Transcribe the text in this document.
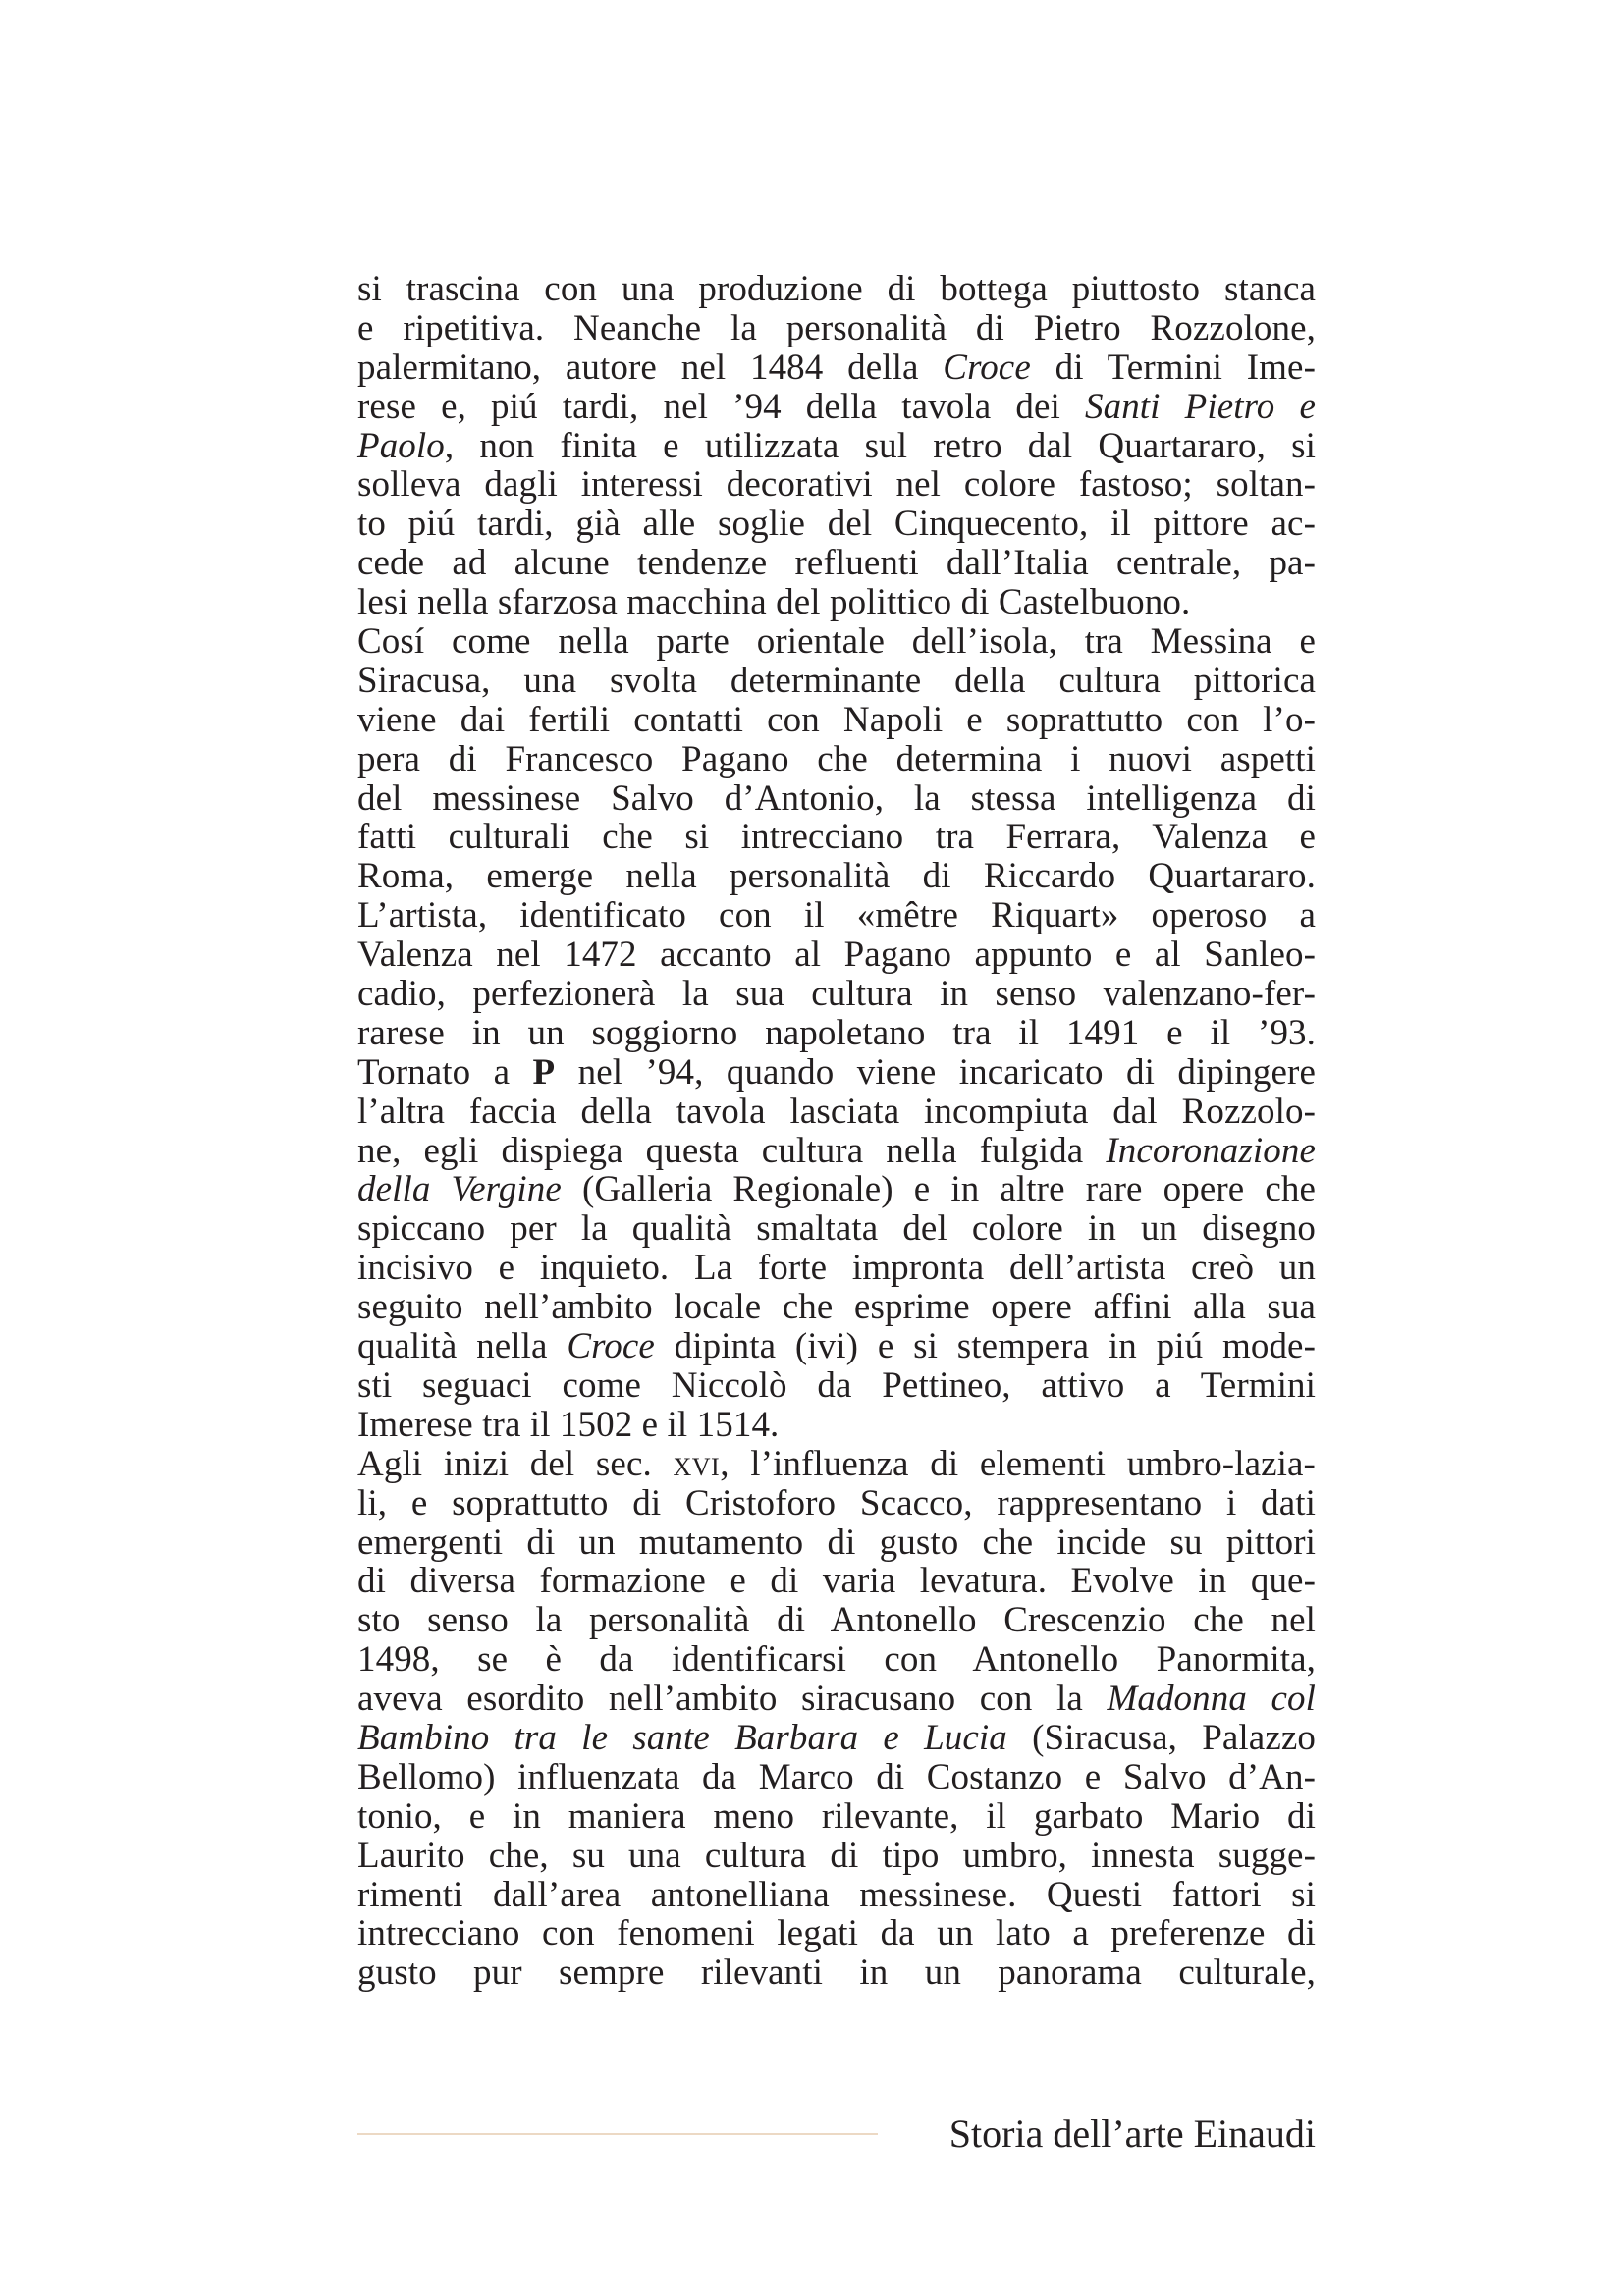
si trascina con una produzione di bottega piuttosto stanca
e ripetitiva. Neanche la personalità di Pietro Rozzolone,
palermitano, autore nel 1484 della Croce di Termini Ime-
rese e, piú tardi, nel ’94 della tavola dei Santi Pietro e
Paolo, non finita e utilizzata sul retro dal Quartararo, si
solleva dagli interessi decorativi nel colore fastoso; soltan-
to piú tardi, già alle soglie del Cinquecento, il pittore ac-
cede ad alcune tendenze refluenti dall’Italia centrale, pa-
lesi nella sfarzosa macchina del polittico di Castelbuono.
Cosí come nella parte orientale dell’isola, tra Messina e
Siracusa, una svolta determinante della cultura pittorica
viene dai fertili contatti con Napoli e soprattutto con l’o-
pera di Francesco Pagano che determina i nuovi aspetti
del messinese Salvo d’Antonio, la stessa intelligenza di
fatti culturali che si intrecciano tra Ferrara, Valenza e
Roma, emerge nella personalità di Riccardo Quartararo.
L’artista, identificato con il «mêtre Riquart» operoso a
Valenza nel 1472 accanto al Pagano appunto e al Sanleo-
cadio, perfezionerà la sua cultura in senso valenzano-fer-
rarese in un soggiorno napoletano tra il 1491 e il ’93.
Tornato a P nel ’94, quando viene incaricato di dipingere
l’altra faccia della tavola lasciata incompiuta dal Rozzolo-
ne, egli dispiega questa cultura nella fulgida Incoronazione
della Vergine (Galleria Regionale) e in altre rare opere che
spiccano per la qualità smaltata del colore in un disegno
incisivo e inquieto. La forte impronta dell’artista creò un
seguito nell’ambito locale che esprime opere affini alla sua
qualità nella Croce dipinta (ivi) e si stempera in piú mode-
sti seguaci come Niccolò da Pettineo, attivo a Termini
Imerese tra il 1502 e il 1514.
Agli inizi del sec. xvi, l’influenza di elementi umbro-lazia-
li, e soprattutto di Cristoforo Scacco, rappresentano i dati
emergenti di un mutamento di gusto che incide su pittori
di diversa formazione e di varia levatura. Evolve in que-
sto senso la personalità di Antonello Crescenzio che nel
1498, se è da identificarsi con Antonello Panormita,
aveva esordito nell’ambito siracusano con la Madonna col
Bambino tra le sante Barbara e Lucia (Siracusa, Palazzo
Bellomo) influenzata da Marco di Costanzo e Salvo d’An-
tonio, e in maniera meno rilevante, il garbato Mario di
Laurito che, su una cultura di tipo umbro, innesta sugge-
rimenti dall’area antonelliana messinese. Questi fattori si
intrecciano con fenomeni legati da un lato a preferenze di
gusto pur sempre rilevanti in un panorama culturale,
Storia dell’arte Einaudi
